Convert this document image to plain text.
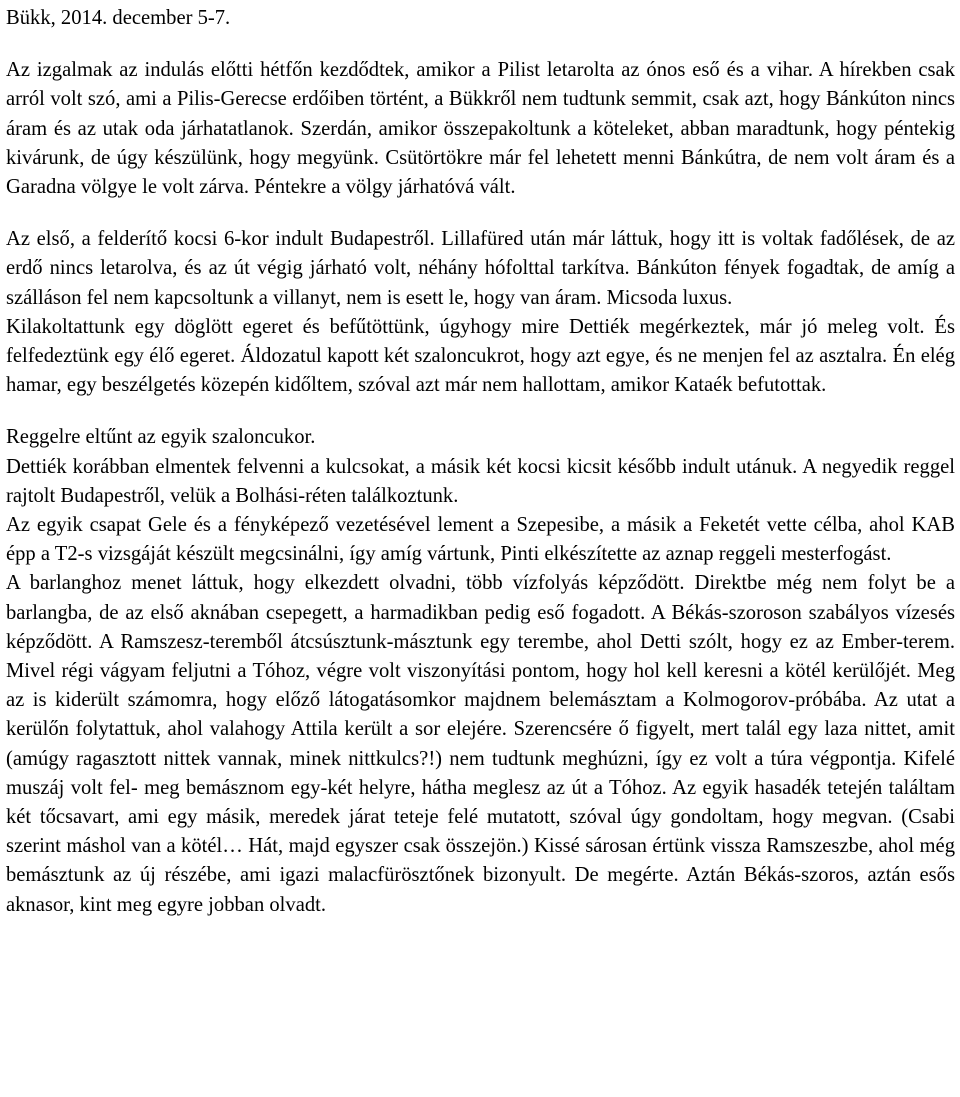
Bükk, 2014. december 5-7.

Az izgalmak az indulás előtti hétfőn kezdődtek, amikor a Pilist letarolta az ónos eső és a vihar. A hírekben csak arról volt szó, ami a Pilis-Gerecse erdőiben történt, a Bükkről nem tudtunk semmit, csak azt, hogy Bánkúton nincs áram és az utak oda járhatatlanok. Szerdán, amikor összepakoltunk a köteleket, abban maradtunk, hogy péntekig kivárunk, de úgy készülünk, hogy megyünk. Csütörtökre már fel lehetett menni Bánkútra, de nem volt áram és a Garadna völgye le volt zárva. Péntekre a völgy járhatóvá vált.

Az első, a felderítő kocsi 6-kor indult Budapestről. Lillafüred után már láttuk, hogy itt is voltak fadőlések, de az erdő nincs letarolva, és az út végig járható volt, néhány hófolttal tarkítva. Bánkúton fények fogadtak, de amíg a szálláson fel nem kapcsoltunk a villanyt, nem is esett le, hogy van áram. Micsoda luxus.

Kilakoltattunk egy döglött egeret és befűtöttünk, úgyhogy mire Dettiék megérkeztek, már jó meleg volt. És felfedeztünk egy élő egeret. Áldozatul kapott két szaloncukrot, hogy azt egye, és ne menjen fel az asztalra. Én elég hamar, egy beszélgetés közepén kidőltem, szóval azt már nem hallottam, amikor Kataék befutottak.

Reggelre eltűnt az egyik szaloncukor.

Dettiék korábban elmentek felvenni a kulcsokat, a másik két kocsi kicsit később indult utánuk. A negyedik reggel rajtolt Budapestről, velük a Bolhási-réten találkoztunk.

Az egyik csapat Gele és a fényképező vezetésével lement a Szepesibe, a másik a Feketét vette célba, ahol KAB épp a T2-s vizsgáját készült megcsinálni, így amíg vártunk, Pinti elkészítette az aznap reggeli mesterfogást.

A barlanghoz menet láttuk, hogy elkezdett olvadni, több vízfolyás képződött. Direktbe még nem folyt be a barlangba, de az első aknában csepegett, a harmadikban pedig eső fogadott. A Békás-szoroson szabályos vízesés képződött. A Ramszesz-teremből átcsúsztunk-másztunk egy terembe, ahol Detti szólt, hogy ez az Ember-terem. Mivel régi vágyam feljutni a Tóhoz, végre volt viszonyítási pontom, hogy hol kell keresni a kötél kerülőjét. Meg az is kiderült számomra, hogy előző látogatásomkor majdnem belemásztam a Kolmogorov-próbába. Az utat a kerülőn folytattuk, ahol valahogy Attila került a sor elejére. Szerencsére ő figyelt, mert talál egy laza nittet, amit (amúgy ragasztott nittek vannak, minek nittkulcs?!) nem tudtunk meghúzni, így ez volt a túra végpontja. Kifelé muszáj volt fel- meg bemásznom egy-két helyre, hátha meglesz az út a Tóhoz. Az egyik hasadék tetején találtam két tőcsavart, ami egy másik, meredek járat teteje felé mutatott, szóval úgy gondoltam, hogy megvan. (Csabi szerint máshol van a kötél… Hát, majd egyszer csak összejön.) Kissé sárosan értünk vissza Ramszeszbe, ahol még bemásztunk az új részébe, ami igazi malacfürösztőnek bizonyult. De megérte. Aztán Békás-szoros, aztán esős aknasor, kint meg egyre jobban olvadt.
